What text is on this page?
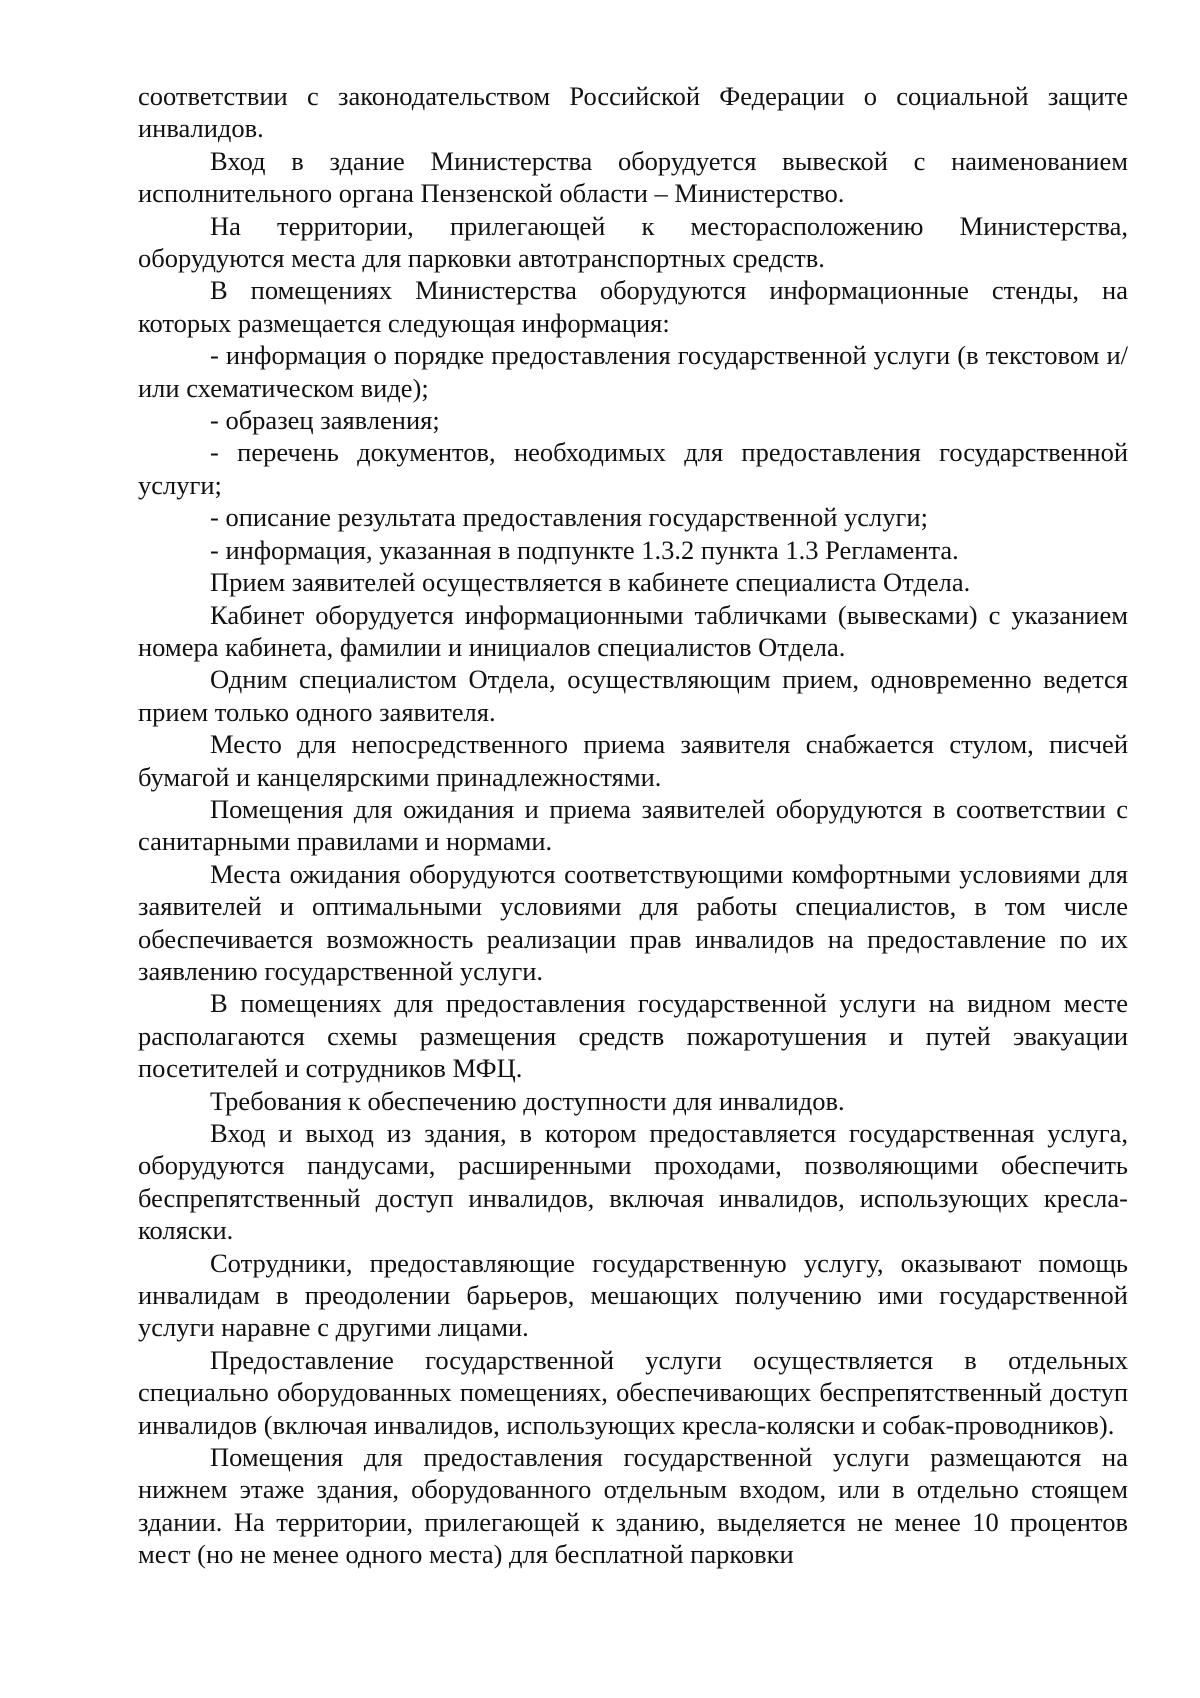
соответствии с законодательством Российской Федерации о социальной защите инвалидов.

Вход в здание Министерства оборудуется вывеской с наименованием исполнительного органа Пензенской области – Министерство.

На территории, прилегающей к месторасположению Министерства, оборудуются места для парковки автотранспортных средств.

В помещениях Министерства оборудуются информационные стенды, на которых размещается следующая информация:

- информация о порядке предоставления государственной услуги (в текстовом и/или схематическом виде);

- образец заявления;

- перечень документов, необходимых для предоставления государственной услуги;

- описание результата предоставления государственной услуги;

- информация, указанная в подпункте 1.3.2 пункта 1.3 Регламента.

Прием заявителей осуществляется в кабинете специалиста Отдела.

Кабинет оборудуется информационными табличками (вывесками) с указанием номера кабинета, фамилии и инициалов специалистов Отдела.

Одним специалистом Отдела, осуществляющим прием, одновременно ведется прием только одного заявителя.

Место для непосредственного приема заявителя снабжается стулом, писчей бумагой и канцелярскими принадлежностями.

Помещения для ожидания и приема заявителей оборудуются в соответствии с санитарными правилами и нормами.

Места ожидания оборудуются соответствующими комфортными условиями для заявителей и оптимальными условиями для работы специалистов, в том числе обеспечивается возможность реализации прав инвалидов на предоставление по их заявлению государственной услуги.

В помещениях для предоставления государственной услуги на видном месте располагаются схемы размещения средств пожаротушения и путей эвакуации посетителей и сотрудников МФЦ.

Требования к обеспечению доступности для инвалидов.

Вход и выход из здания, в котором предоставляется государственная услуга, оборудуются пандусами, расширенными проходами, позволяющими обеспечить беспрепятственный доступ инвалидов, включая инвалидов, использующих кресла-коляски.

Сотрудники, предоставляющие государственную услугу, оказывают помощь инвалидам в преодолении барьеров, мешающих получению ими государственной услуги наравне с другими лицами.

Предоставление государственной услуги осуществляется в отдельных специально оборудованных помещениях, обеспечивающих беспрепятственный доступ инвалидов (включая инвалидов, использующих кресла-коляски и собак-проводников).

Помещения для предоставления государственной услуги размещаются на нижнем этаже здания, оборудованного отдельным входом, или в отдельно стоящем здании. На территории, прилегающей к зданию, выделяется не менее 10 процентов мест (но не менее одного места) для бесплатной парковки
